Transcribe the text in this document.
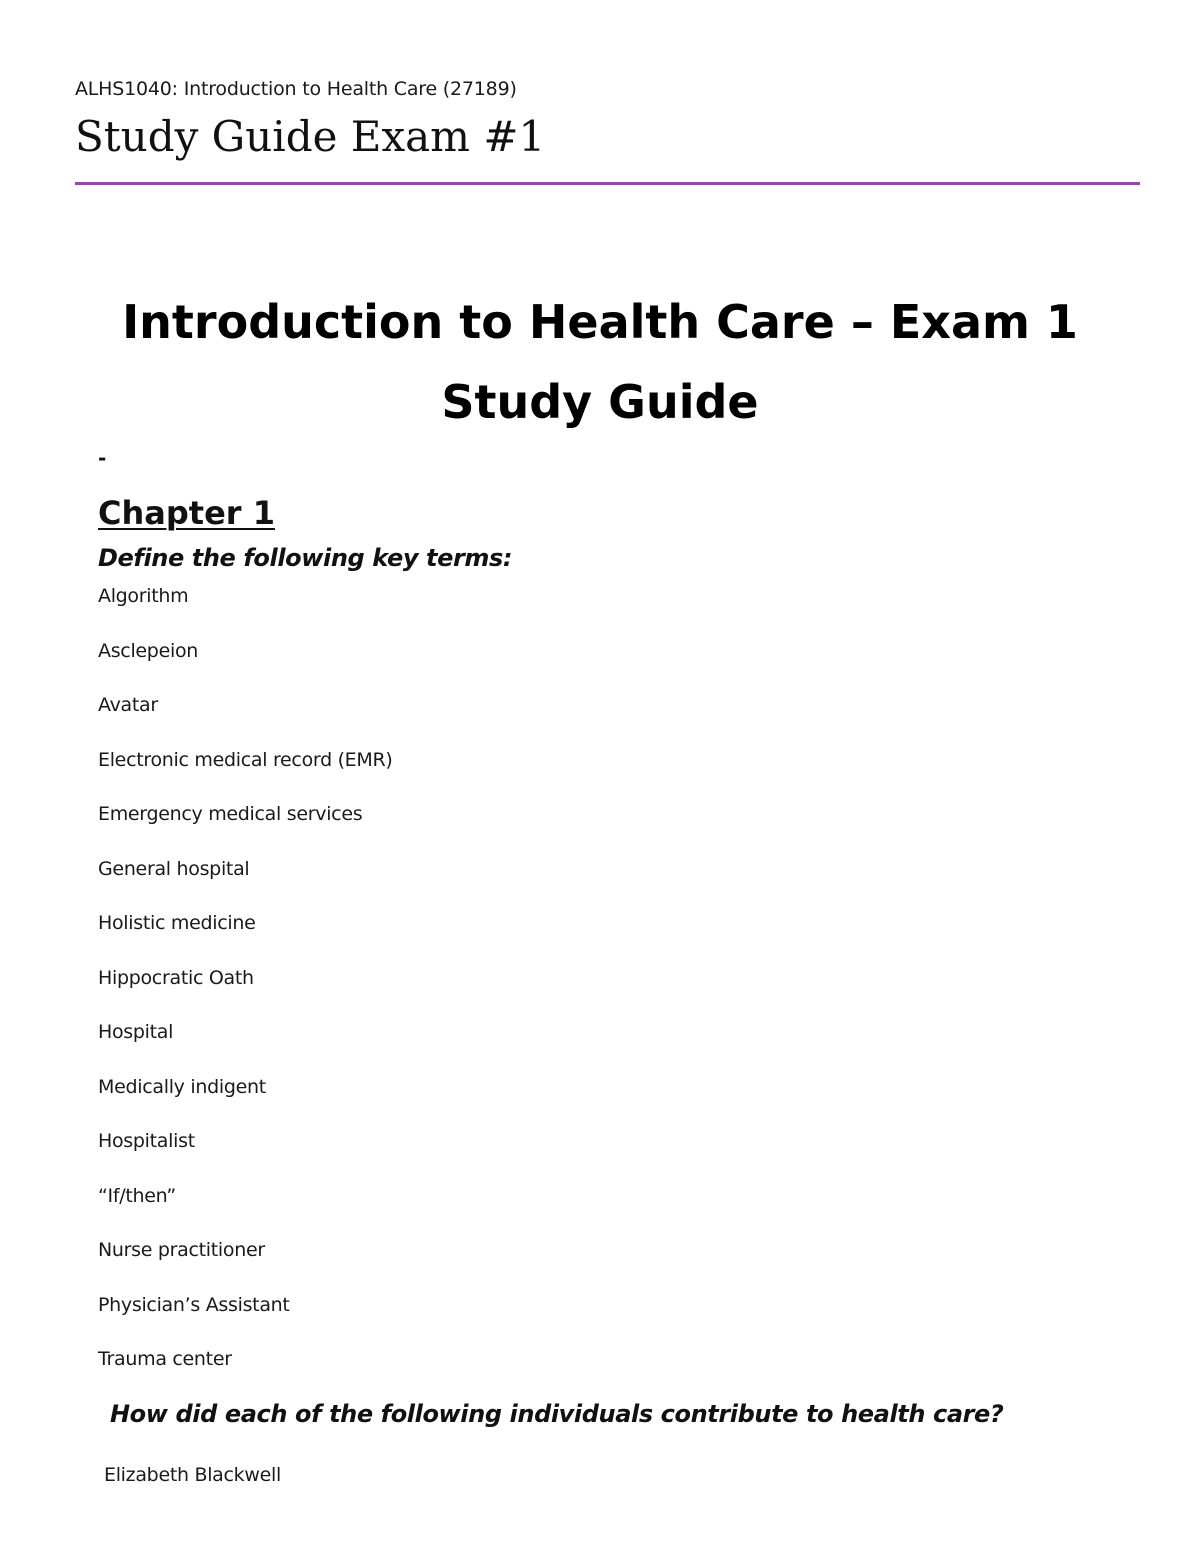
ALHS1040: Introduction to Health Care (27189)
Study Guide Exam #1
Introduction to Health Care – Exam 1
Study Guide
-
Chapter 1
Define the following key terms:
Algorithm
Asclepeion
Avatar
Electronic medical record (EMR)
Emergency medical services
General hospital
Holistic medicine
Hippocratic Oath
Hospital
Medically indigent
Hospitalist
“If/then”
Nurse practitioner
Physician’s Assistant
Trauma center
How did each of the following individuals contribute to health care?
Elizabeth Blackwell
